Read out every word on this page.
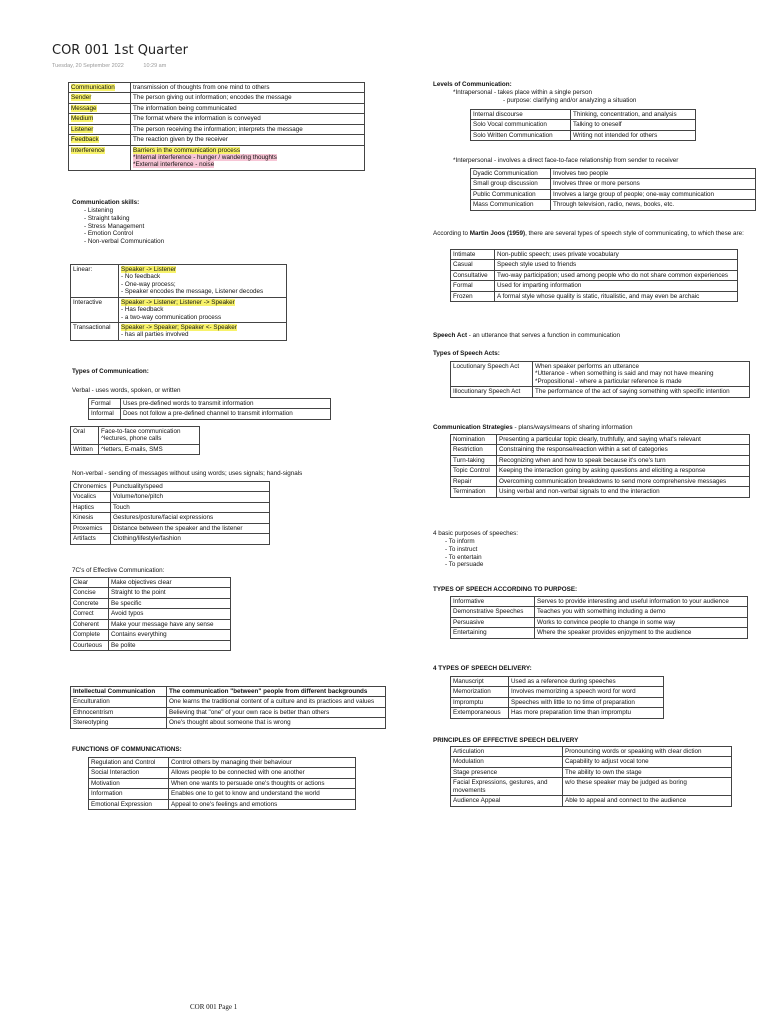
COR 001 1st Quarter
Tuesday, 20 September 2022	10:29 am
Communication	transmission of thoughts from one mind to others
Sender	The person giving out information; encodes the message
Message	The information being communicated
Medium	The format where the information is conveyed
Listener	The person receiving the information; interprets the message
Feedback	The reaction given by the receiver
Interference	Barriers in the communication process
*Internal interference - hunger / wandering thoughts
*External interference - noise
Communication skills:
- Listening
- Straight talking
- Stress Management
- Emotion Control
- Non-verbal Communication
Linear:	Speaker -> Listener
- No feedback
- One-way process;
- Speaker encodes the message, Listener decodes

Interactive	Speaker -> Listener; Listener -> Speaker
- Has feedback
- a two-way communication process

Transactional	Speaker -> Speaker; Speaker <- Speaker
- has all parties involved
Types of Communication:
Verbal - uses words, spoken, or written
Formal	Uses pre-defined words to transmit information
Informal	Does not follow a pre-defined channel to transmit information
Oral	Face-to-face communication
^lectures, phone calls

Written	^letters, E-mails, SMS
Non-verbal - sending of messages without using words; uses signals; hand-signals
Chronemics	Punctuality/speed
Vocalics	Volume/tone/pitch
Haptics	Touch
Kinesis	Gestures/posture/facial expressions
Proxemics	Distance between the speaker and the listener
Artifacts	Clothing/lifestyle/fashion
7C's of Effective Communication:
Clear	Make objectives clear
Concise	Straight to the point
Concrete	Be specific
Correct	Avoid typos
Coherent	Make your message have any sense
Complete	Contains everything
Courteous	Be polite
Intellectual Communication	The communication "between" people from different backgrounds
Enculturation	One learns the traditional content of a culture and its practices and values
Ethnocentrism	Believing that "one" of your own race is better than others
Stereotyping	One's thought about someone that is wrong
FUNCTIONS OF COMMUNICATIONS:
Regulation and Control	Control others by managing their behaviour
Social Interaction	Allows people to be connected with one another
Motivation	When one wants to persuade one's thoughts or actions
Information	Enables one to get to know and understand the world
Emotional Expression	Appeal to one's feelings and emotions
Levels of Communication:
*Intrapersonal - takes place within a single person
- purpose: clarifying and/or analyzing a situation
Internal discourse	Thinking, concentration, and analysis
Solo Vocal communication	Talking to oneself
Solo Written Communication	Writing not intended for others
*Interpersonal - involves a direct face-to-face relationship from sender to receiver
Dyadic Communication	Involves two people
Small group discussion	Involves three or more persons
Public Communication	Involves a large group of people; one-way communication
Mass Communication	Through television, radio, news, books, etc.
According to Martin Joos (1959), there are several types of speech style of communicating, to which these are:
Intimate	Non-public speech; uses private vocabulary
Casual	Speech style used to friends
Consultative	Two-way participation; used among people who do not share common experiences
Formal	Used for imparting information
Frozen	A formal style whose quality is static, ritualistic, and may even be archaic
Speech Act - an utterance that serves a function in communication
Types of Speech Acts:
Locutionary Speech Act	When speaker performs an utterance
*Utterance - when something is said and may not have meaning
*Propositional - where a particular reference is made

Illocutionary Speech Act	The performance of the act of saying something with specific intention
Communication Strategies - plans/ways/means of sharing information
Nomination	Presenting a particular topic clearly, truthfully, and saying what's relevant
Restriction	Constraining the response/reaction within a set of categories
Turn-taking	Recognizing when and how to speak because it's one's turn
Topic Control	Keeping the interaction going by asking questions and eliciting a response
Repair	Overcoming communication breakdowns to send more comprehensive messages
Termination	Using verbal and non-verbal signals to end the interaction
4 basic purposes of speeches:
- To inform
- To instruct
- To entertain
- To persuade
TYPES OF SPEECH ACCORDING TO PURPOSE:
Informative	Serves to provide interesting and useful information to your audience
Demonstrative Speeches	Teaches you with something including a demo
Persuasive	Works to convince people to change in some way
Entertaining	Where the speaker provides enjoyment to the audience
4 TYPES OF SPEECH DELIVERY:
Manuscript	Used as a reference during speeches
Memorization	Involves memorizing a speech word for word
Impromptu	Speeches with little to no time of preparation
Extemporaneous	Has more preparation time than impromptu
PRINCIPLES OF EFFECTIVE SPEECH DELIVERY
Articulation	Pronouncing words or speaking with clear diction
Modulation	Capability to adjust vocal tone
Stage presence	The ability to own the stage
Facial Expressions, gestures, and movements	w/o these speaker may be judged as boring
Audience Appeal	Able to appeal and connect to the audience
COR 001 Page 1
